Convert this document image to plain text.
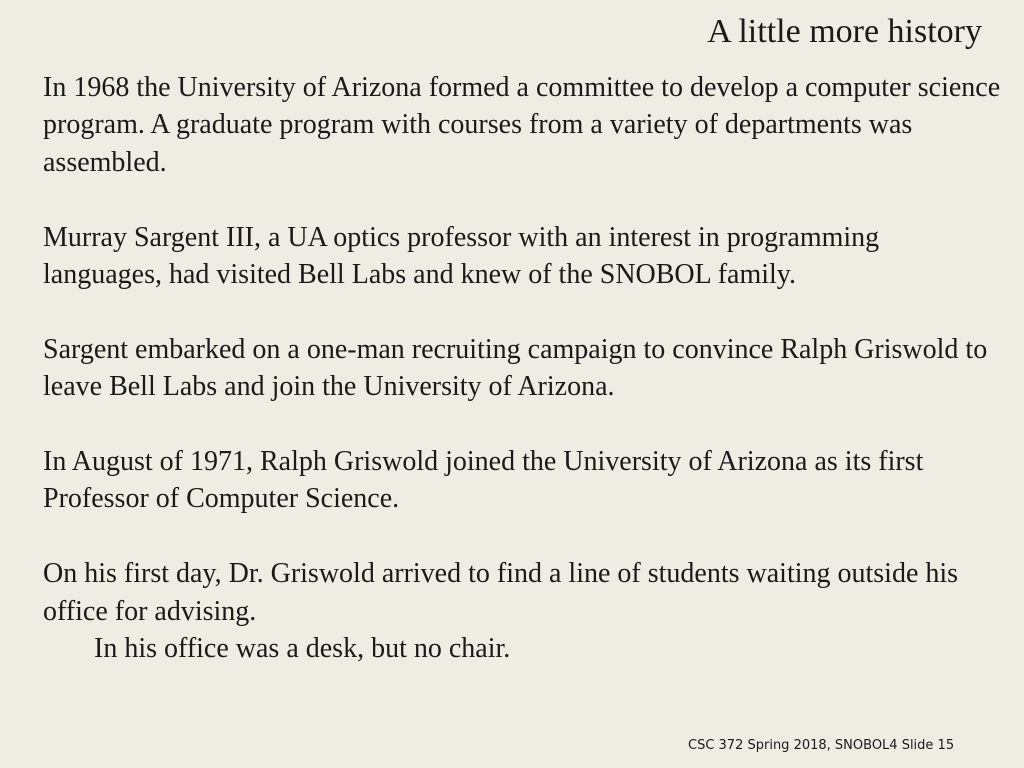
A little more history

In 1968 the University of Arizona formed a committee to develop a computer science program. A graduate program with courses from a variety of departments was assembled.

Murray Sargent III, a UA optics professor with an interest in programming languages, had visited Bell Labs and knew of the SNOBOL family.

Sargent embarked on a one-man recruiting campaign to convince Ralph Griswold to leave Bell Labs and join the University of Arizona.

In August of 1971, Ralph Griswold joined the University of Arizona as its first Professor of Computer Science.

On his first day, Dr. Griswold arrived to find a line of students waiting outside his office for advising.
In his office was a desk, but no chair.

CSC 372 Spring 2018, SNOBOL4 Slide 15
